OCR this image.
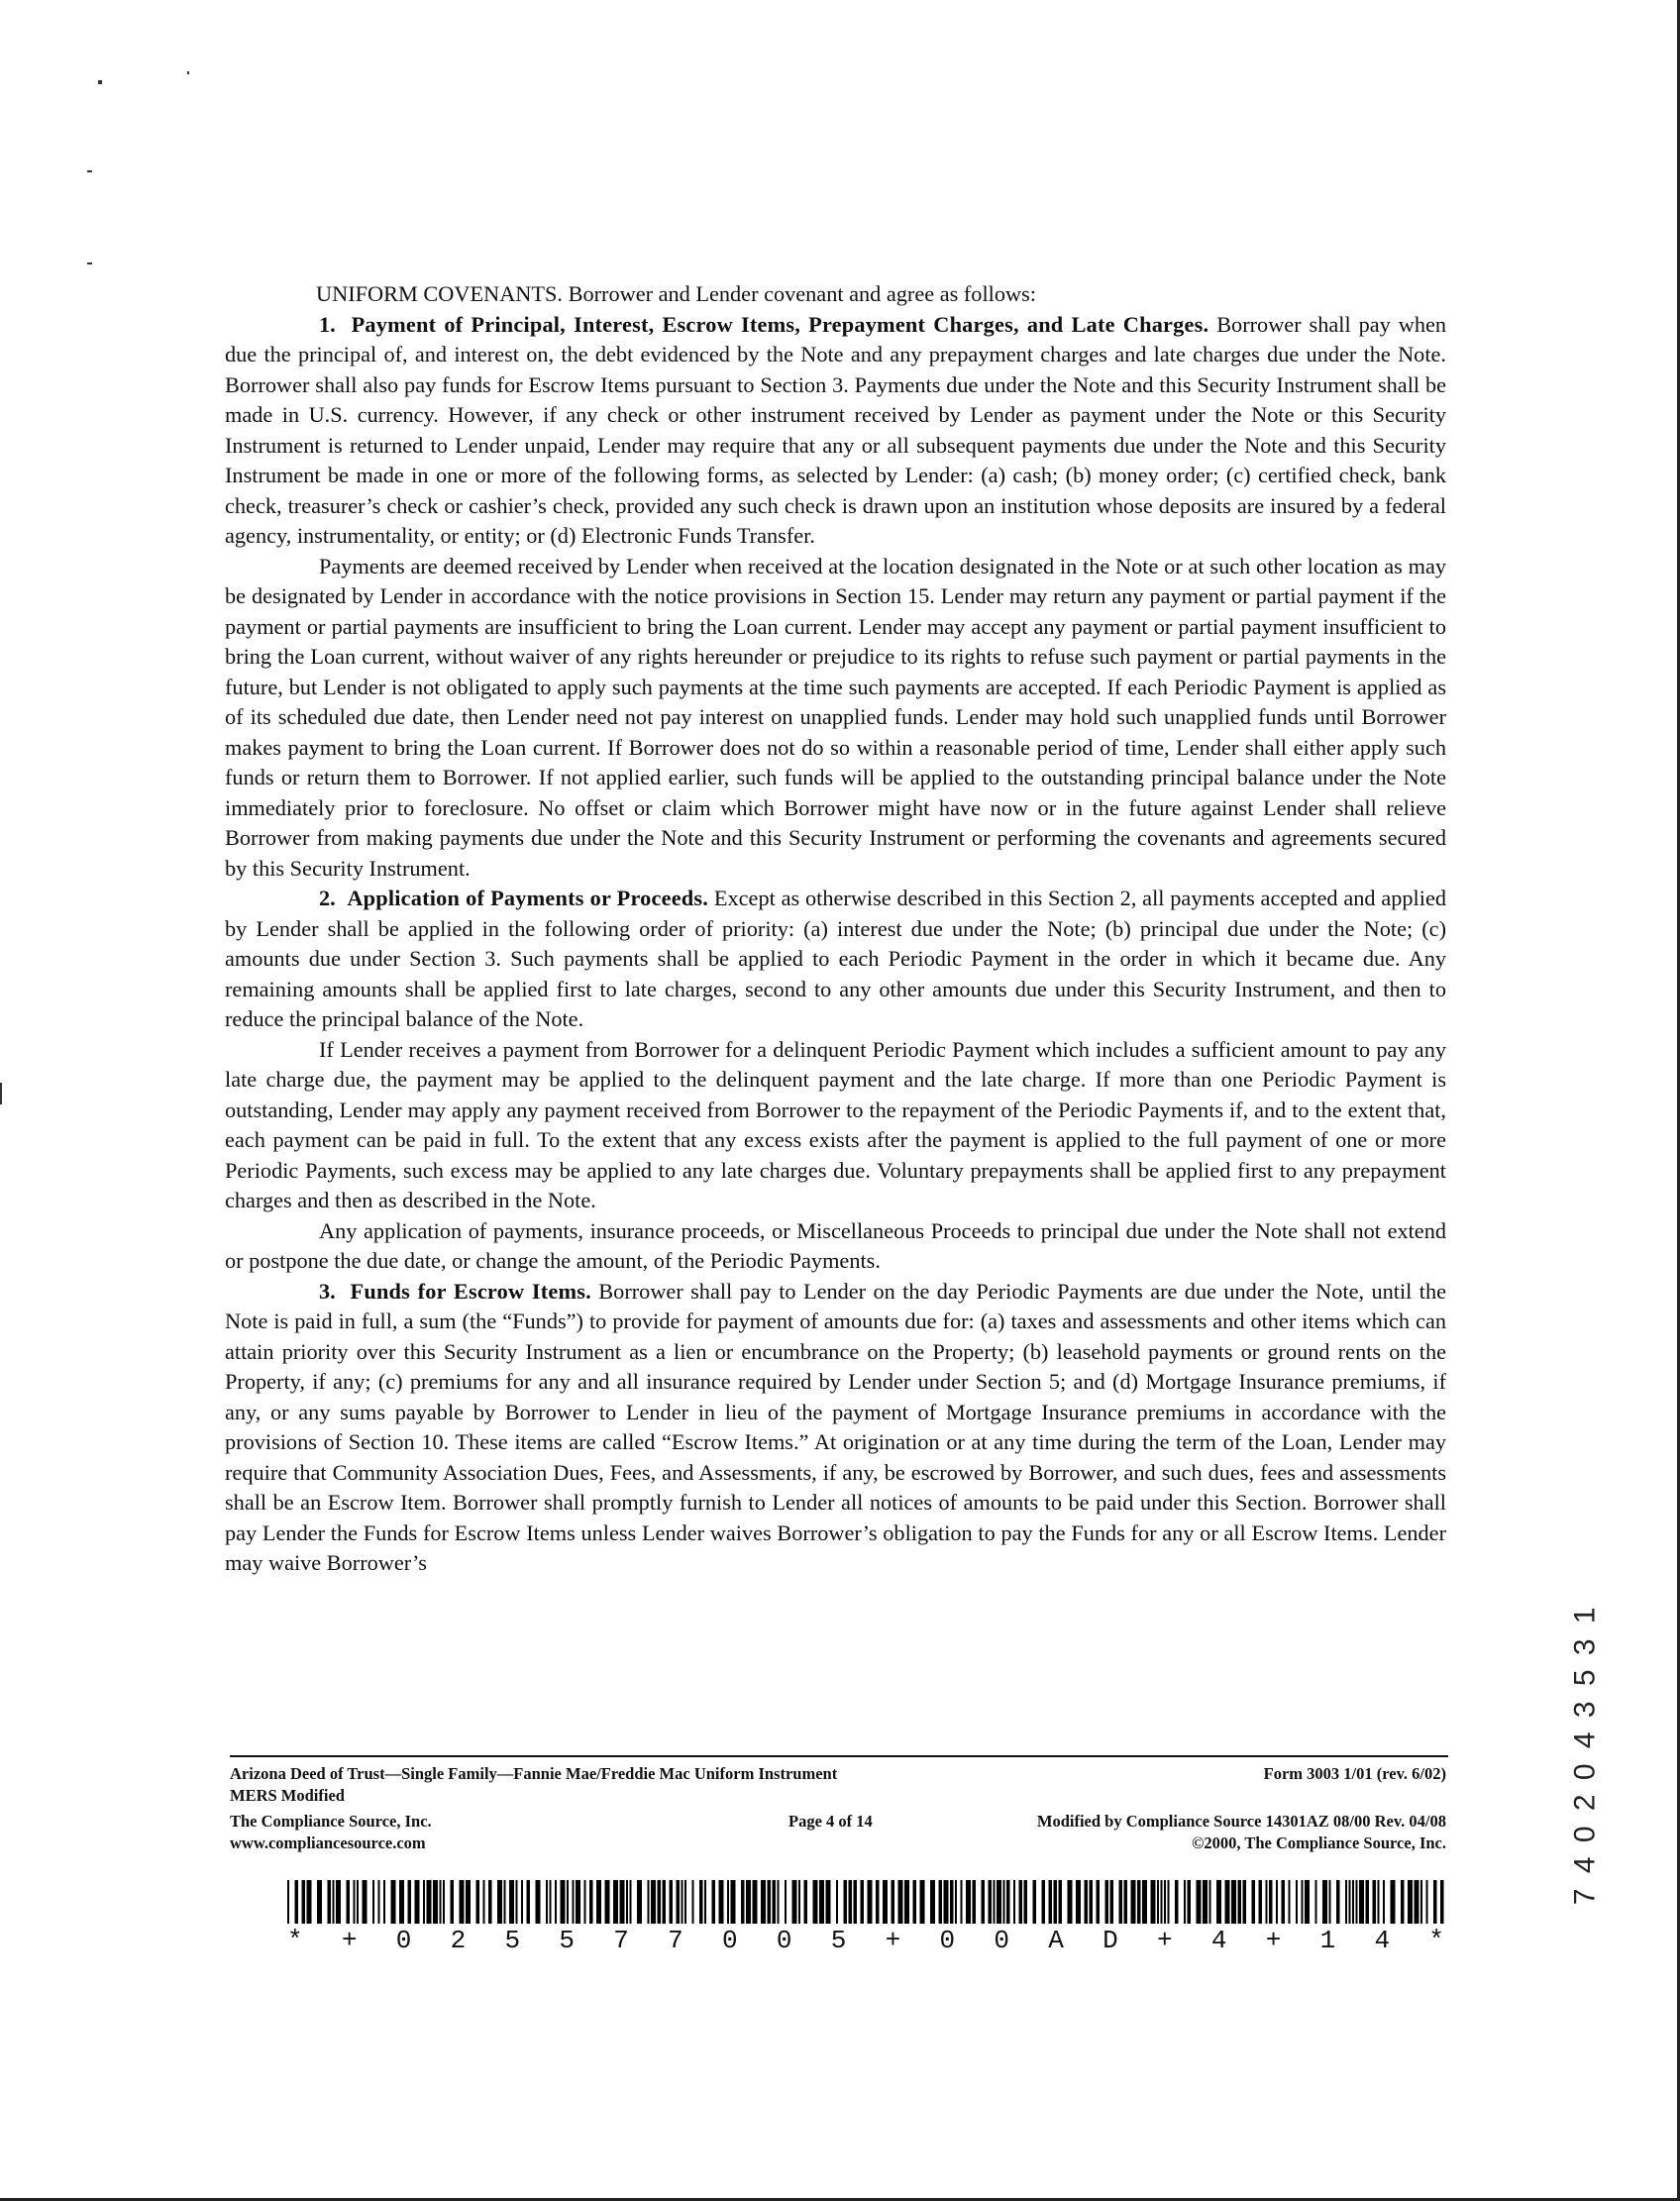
UNIFORM COVENANTS. Borrower and Lender covenant and agree as follows:

1. Payment of Principal, Interest, Escrow Items, Prepayment Charges, and Late Charges. Borrower shall pay when due the principal of, and interest on, the debt evidenced by the Note and any prepayment charges and late charges due under the Note. Borrower shall also pay funds for Escrow Items pursuant to Section 3. Payments due under the Note and this Security Instrument shall be made in U.S. currency. However, if any check or other instrument received by Lender as payment under the Note or this Security Instrument is returned to Lender unpaid, Lender may require that any or all subsequent payments due under the Note and this Security Instrument be made in one or more of the following forms, as selected by Lender: (a) cash; (b) money order; (c) certified check, bank check, treasurer’s check or cashier’s check, provided any such check is drawn upon an institution whose deposits are insured by a federal agency, instrumentality, or entity; or (d) Electronic Funds Transfer.

Payments are deemed received by Lender when received at the location designated in the Note or at such other location as may be designated by Lender in accordance with the notice provisions in Section 15. Lender may return any payment or partial payment if the payment or partial payments are insufficient to bring the Loan current. Lender may accept any payment or partial payment insufficient to bring the Loan current, without waiver of any rights hereunder or prejudice to its rights to refuse such payment or partial payments in the future, but Lender is not obligated to apply such payments at the time such payments are accepted. If each Periodic Payment is applied as of its scheduled due date, then Lender need not pay interest on unapplied funds. Lender may hold such unapplied funds until Borrower makes payment to bring the Loan current. If Borrower does not do so within a reasonable period of time, Lender shall either apply such funds or return them to Borrower. If not applied earlier, such funds will be applied to the outstanding principal balance under the Note immediately prior to foreclosure. No offset or claim which Borrower might have now or in the future against Lender shall relieve Borrower from making payments due under the Note and this Security Instrument or performing the covenants and agreements secured by this Security Instrument.

2. Application of Payments or Proceeds. Except as otherwise described in this Section 2, all payments accepted and applied by Lender shall be applied in the following order of priority: (a) interest due under the Note; (b) principal due under the Note; (c) amounts due under Section 3. Such payments shall be applied to each Periodic Payment in the order in which it became due. Any remaining amounts shall be applied first to late charges, second to any other amounts due under this Security Instrument, and then to reduce the principal balance of the Note.

If Lender receives a payment from Borrower for a delinquent Periodic Payment which includes a sufficient amount to pay any late charge due, the payment may be applied to the delinquent payment and the late charge. If more than one Periodic Payment is outstanding, Lender may apply any payment received from Borrower to the repayment of the Periodic Payments if, and to the extent that, each payment can be paid in full. To the extent that any excess exists after the payment is applied to the full payment of one or more Periodic Payments, such excess may be applied to any late charges due. Voluntary prepayments shall be applied first to any prepayment charges and then as described in the Note.

Any application of payments, insurance proceeds, or Miscellaneous Proceeds to principal due under the Note shall not extend or postpone the due date, or change the amount, of the Periodic Payments.

3. Funds for Escrow Items. Borrower shall pay to Lender on the day Periodic Payments are due under the Note, until the Note is paid in full, a sum (the “Funds”) to provide for payment of amounts due for: (a) taxes and assessments and other items which can attain priority over this Security Instrument as a lien or encumbrance on the Property; (b) leasehold payments or ground rents on the Property, if any; (c) premiums for any and all insurance required by Lender under Section 5; and (d) Mortgage Insurance premiums, if any, or any sums payable by Borrower to Lender in lieu of the payment of Mortgage Insurance premiums in accordance with the provisions of Section 10. These items are called “Escrow Items.” At origination or at any time during the term of the Loan, Lender may require that Community Association Dues, Fees, and Assessments, if any, be escrowed by Borrower, and such dues, fees and assessments shall be an Escrow Item. Borrower shall promptly furnish to Lender all notices of amounts to be paid under this Section. Borrower shall pay Lender the Funds for Escrow Items unless Lender waives Borrower’s obligation to pay the Funds for any or all Escrow Items. Lender may waive Borrower’s

Arizona Deed of Trust—Single Family—Fannie Mae/Freddie Mac Uniform Instrument	Form 3003 1/01 (rev. 6/02)
MERS Modified
The Compliance Source, Inc.	Page 4 of 14	Modified by Compliance Source 14301AZ 08/00 Rev. 04/08
www.compliancesource.com	©2000, The Compliance Source, Inc.
* + 0 2 5 5 7 7 0 0 5 + 0 0 A D + 4 + 1 4 *
1
3
5
3
4
0
2
0
4
7
